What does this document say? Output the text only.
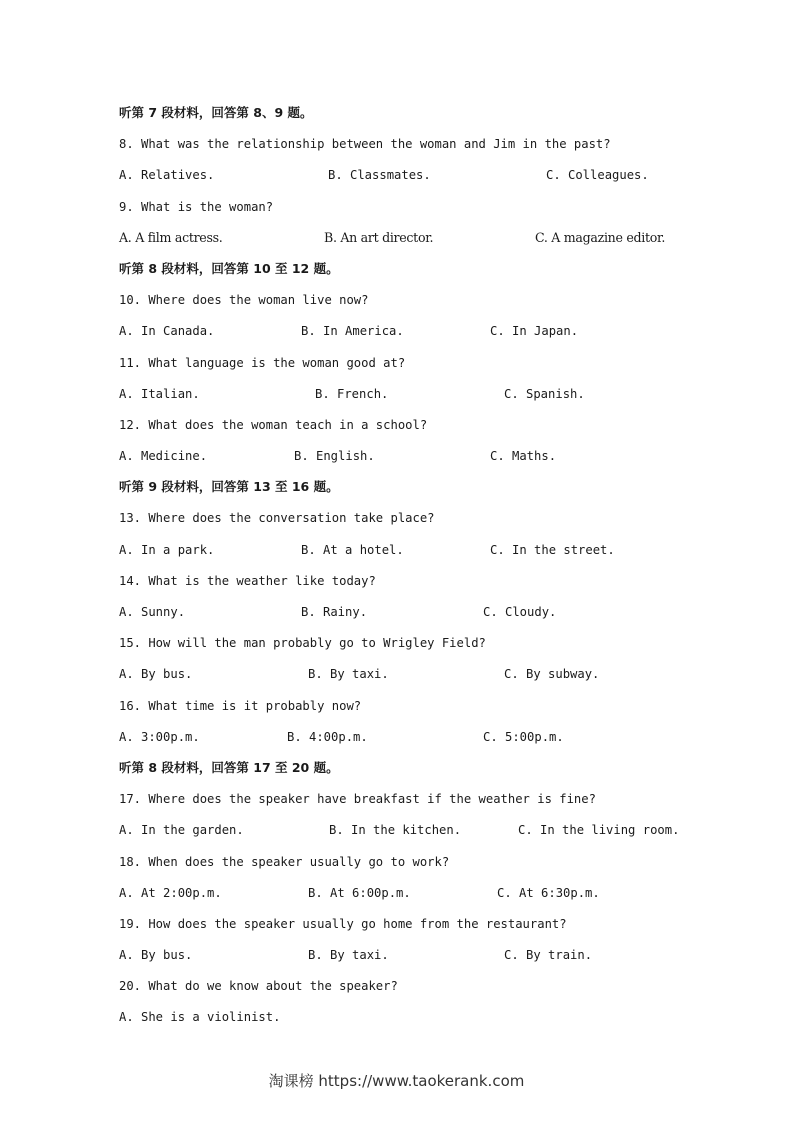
听第 7 段材料，回答第 8、9 题。
8. What was the relationship between the woman and Jim in the past?
A. Relatives.	B. Classmates.	C. Colleagues.
9. What is the woman?
A. A film actress.	B. An art director.	C. A magazine editor.
听第 8 段材料，回答第 10 至 12 题。
10. Where does the woman live now?
A. In Canada.	B. In America.	C. In Japan.
11. What language is the woman good at?
A. Italian.	B. French.	C. Spanish.
12. What does the woman teach in a school?
A. Medicine.	B. English.	C. Maths.
听第 9 段材料，回答第 13 至 16 题。
13. Where does the conversation take place?
A. In a park.	B. At a hotel.	C. In the street.
14. What is the weather like today?
A. Sunny.	B. Rainy.	C. Cloudy.
15. How will the man probably go to Wrigley Field?
A. By bus.	B. By taxi.	C. By subway.
16. What time is it probably now?
A. 3:00p.m.	B. 4:00p.m.	C. 5:00p.m.
听第 8 段材料，回答第 17 至 20 题。
17. Where does the speaker have breakfast if the weather is fine?
A. In the garden.	B. In the kitchen.	C. In the living room.
18. When does the speaker usually go to work?
A. At 2:00p.m.	B. At 6:00p.m.	C. At 6:30p.m.
19. How does the speaker usually go home from the restaurant?
A. By bus.	B. By taxi.	C. By train.
20. What do we know about the speaker?
A. She is a violinist.
淘课榜 https://www.taokerank.com
